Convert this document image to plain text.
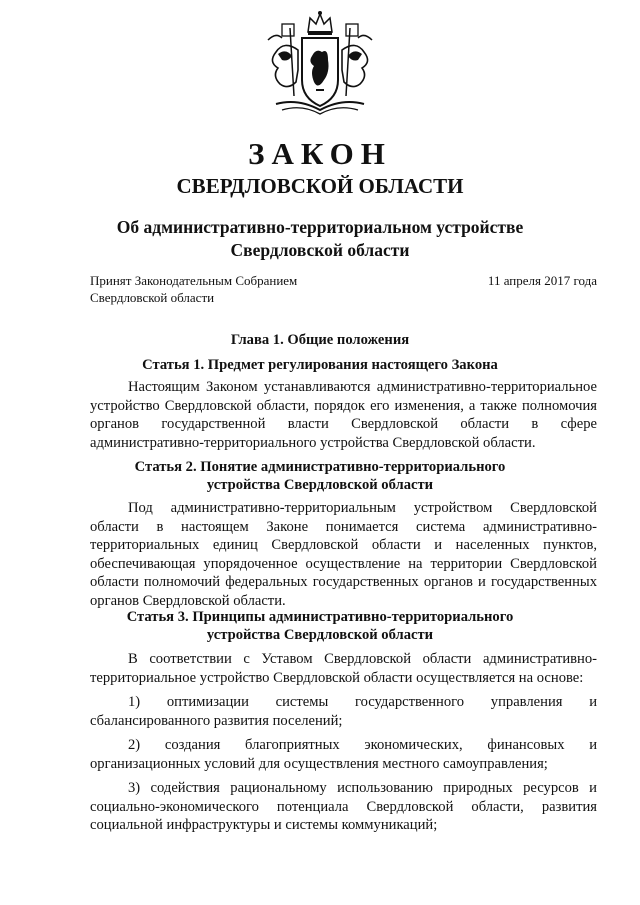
ЗАКОН
СВЕРДЛОВСКОЙ ОБЛАСТИ
Об административно-территориальном устройстве
Свердловской области
Принят Законодательным Собранием
Свердловской области
11 апреля 2017 года
Глава 1. Общие положения
Статья 1. Предмет регулирования настоящего Закона
Настоящим Законом устанавливаются административно-территориальное устройство Свердловской области, порядок его изменения, а также полномочия органов государственной власти Свердловской области в сфере административно-территориального устройства Свердловской области.
Статья 2. Понятие административно-территориального
устройства Свердловской области
Под административно-территориальным устройством Свердловской области в настоящем Законе понимается система административно-территориальных единиц Свердловской области и населенных пунктов, обеспечивающая упорядоченное осуществление на территории Свердловской области полномочий федеральных государственных органов и государственных органов Свердловской области.
Статья 3. Принципы административно-территориального
устройства Свердловской области
В соответствии с Уставом Свердловской области административно-территориальное устройство Свердловской области осуществляется на основе:
1) оптимизации системы государственного управления и сбалансированного развития поселений;
2) создания благоприятных экономических, финансовых и организационных условий для осуществления местного самоуправления;
3) содействия рациональному использованию природных ресурсов и социально-экономического потенциала Свердловской области, развития социальной инфраструктуры и системы коммуникаций;
